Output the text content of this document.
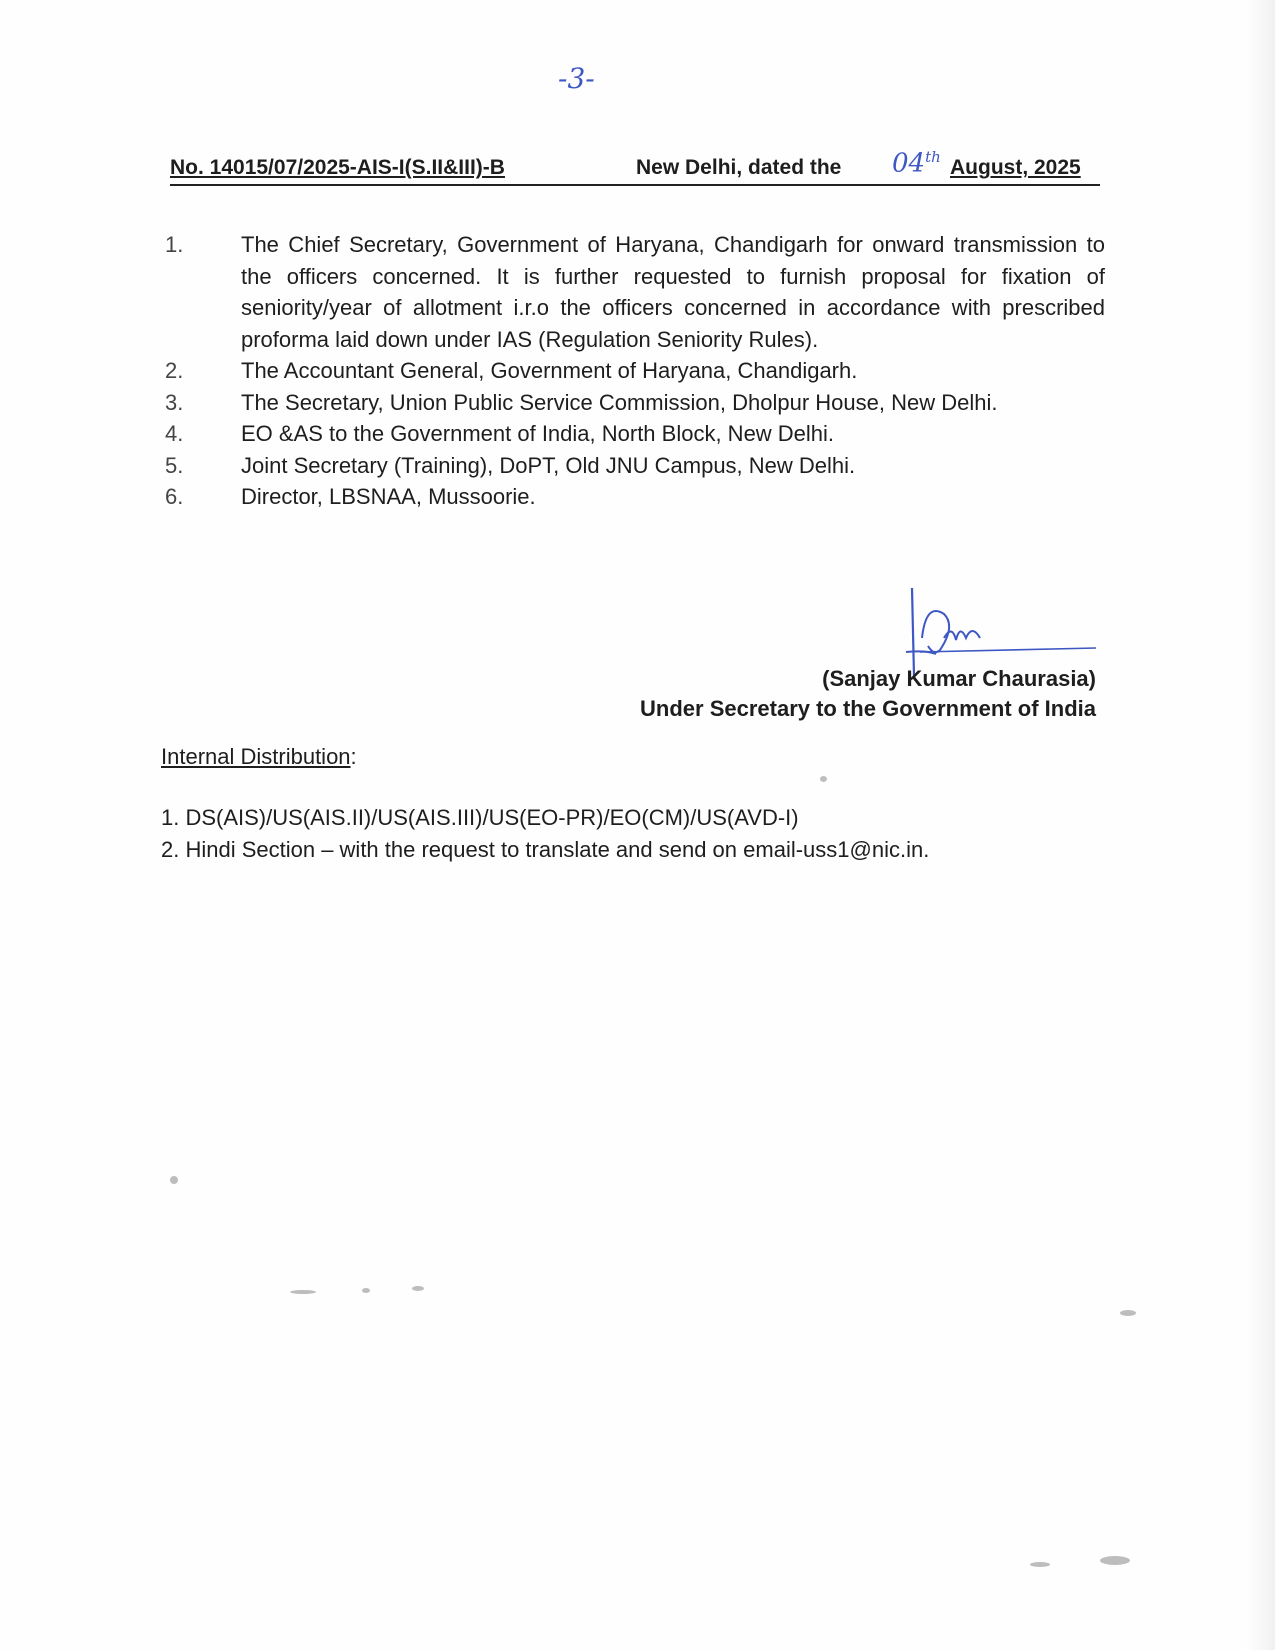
-3-
No. 14015/07/2025-AIS-I(S.II&III)-B	New Delhi, dated the 04th August, 2025
1.	The Chief Secretary, Government of Haryana, Chandigarh for onward transmission to the officers concerned. It is further requested to furnish proposal for fixation of seniority/year of allotment i.r.o the officers concerned in accordance with prescribed proforma laid down under IAS (Regulation Seniority Rules).
2.	The Accountant General, Government of Haryana, Chandigarh.
3.	The Secretary, Union Public Service Commission, Dholpur House, New Delhi.
4.	EO &AS to the Government of India, North Block, New Delhi.
5.	Joint Secretary (Training), DoPT, Old JNU Campus, New Delhi.
6.	Director, LBSNAA, Mussoorie.
(Sanjay Kumar Chaurasia)
Under Secretary to the Government of India
Internal Distribution:
1. DS(AIS)/US(AIS.II)/US(AIS.III)/US(EO-PR)/EO(CM)/US(AVD-I)
2. Hindi Section – with the request to translate and send on email-uss1@nic.in.
